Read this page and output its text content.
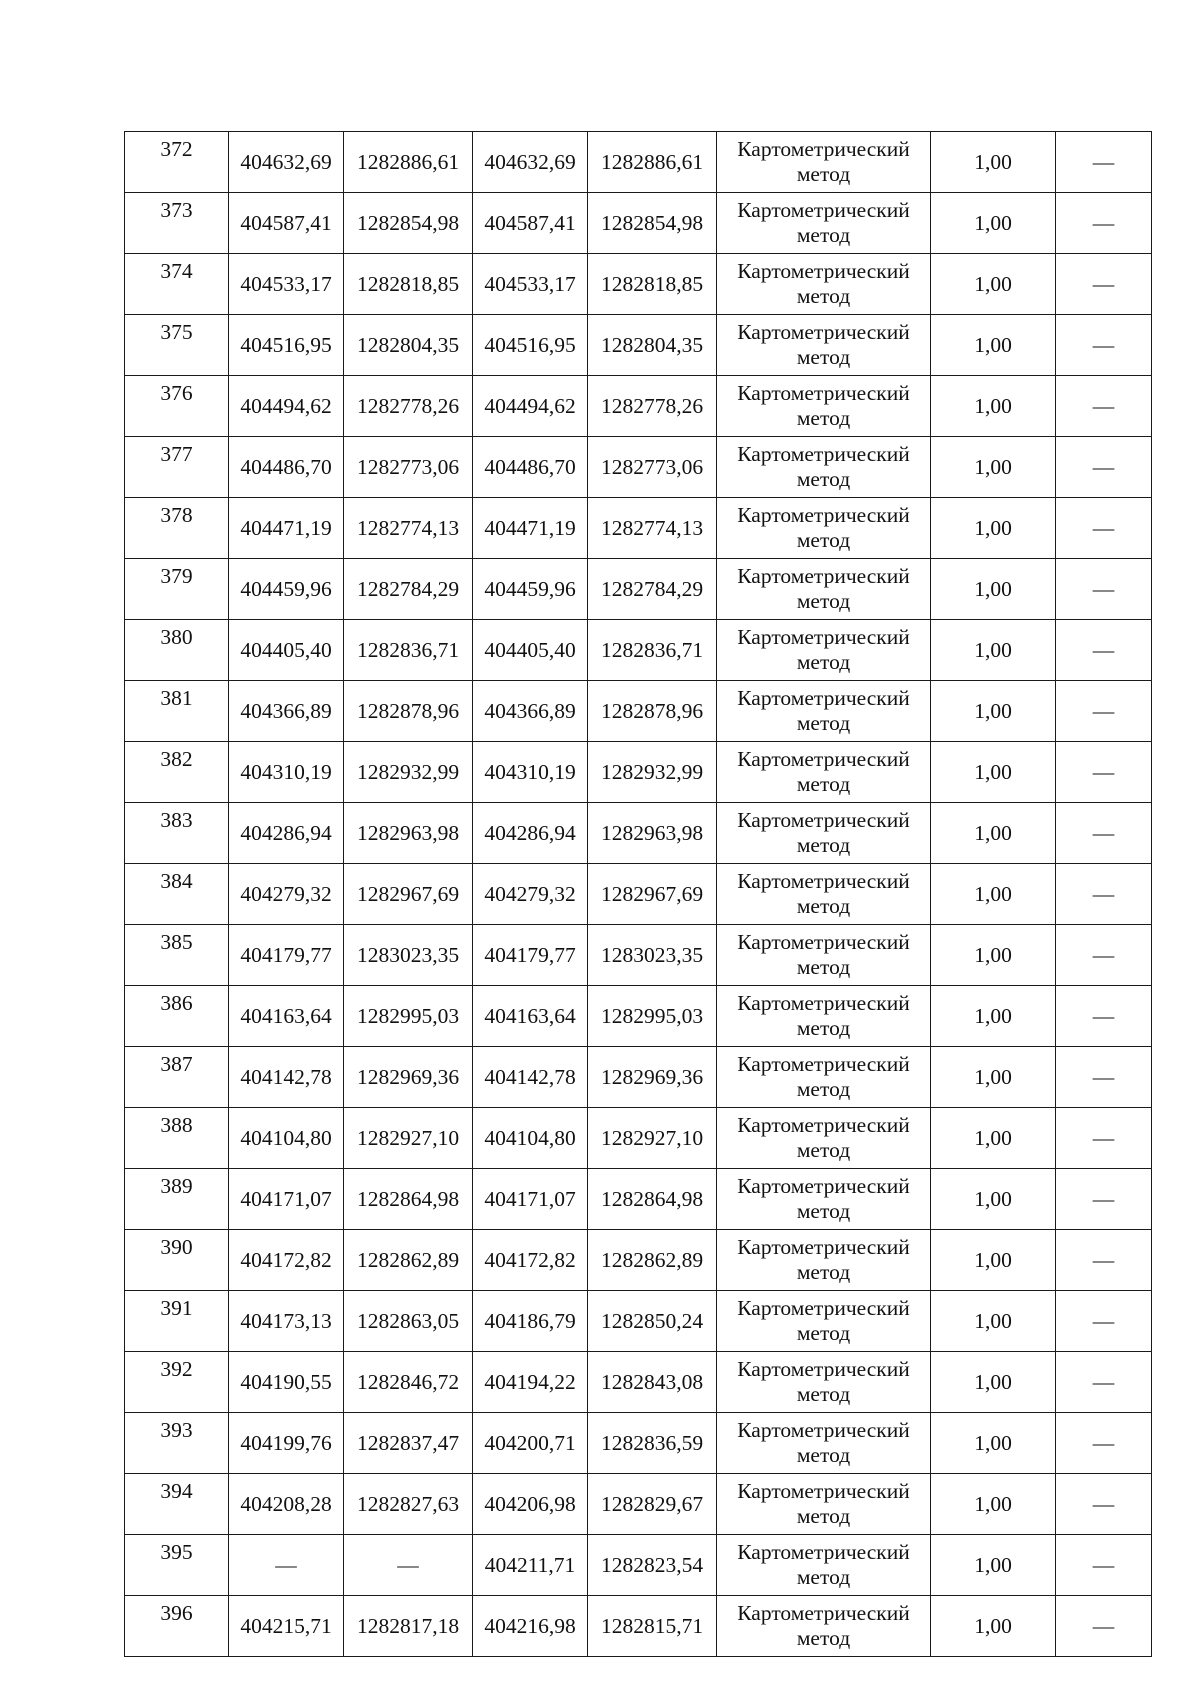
372	404632,69	1282886,61	404632,69	1282886,61	Картометрический
метод	1,00	—
373	404587,41	1282854,98	404587,41	1282854,98	Картометрический
метод	1,00	—
374	404533,17	1282818,85	404533,17	1282818,85	Картометрический
метод	1,00	—
375	404516,95	1282804,35	404516,95	1282804,35	Картометрический
метод	1,00	—
376	404494,62	1282778,26	404494,62	1282778,26	Картометрический
метод	1,00	—
377	404486,70	1282773,06	404486,70	1282773,06	Картометрический
метод	1,00	—
378	404471,19	1282774,13	404471,19	1282774,13	Картометрический
метод	1,00	—
379	404459,96	1282784,29	404459,96	1282784,29	Картометрический
метод	1,00	—
380	404405,40	1282836,71	404405,40	1282836,71	Картометрический
метод	1,00	—
381	404366,89	1282878,96	404366,89	1282878,96	Картометрический
метод	1,00	—
382	404310,19	1282932,99	404310,19	1282932,99	Картометрический
метод	1,00	—
383	404286,94	1282963,98	404286,94	1282963,98	Картометрический
метод	1,00	—
384	404279,32	1282967,69	404279,32	1282967,69	Картометрический
метод	1,00	—
385	404179,77	1283023,35	404179,77	1283023,35	Картометрический
метод	1,00	—
386	404163,64	1282995,03	404163,64	1282995,03	Картометрический
метод	1,00	—
387	404142,78	1282969,36	404142,78	1282969,36	Картометрический
метод	1,00	—
388	404104,80	1282927,10	404104,80	1282927,10	Картометрический
метод	1,00	—
389	404171,07	1282864,98	404171,07	1282864,98	Картометрический
метод	1,00	—
390	404172,82	1282862,89	404172,82	1282862,89	Картометрический
метод	1,00	—
391	404173,13	1282863,05	404186,79	1282850,24	Картометрический
метод	1,00	—
392	404190,55	1282846,72	404194,22	1282843,08	Картометрический
метод	1,00	—
393	404199,76	1282837,47	404200,71	1282836,59	Картометрический
метод	1,00	—
394	404208,28	1282827,63	404206,98	1282829,67	Картометрический
метод	1,00	—
395	—	—	404211,71	1282823,54	Картометрический
метод	1,00	—
396	404215,71	1282817,18	404216,98	1282815,71	Картометрический
метод	1,00	—
